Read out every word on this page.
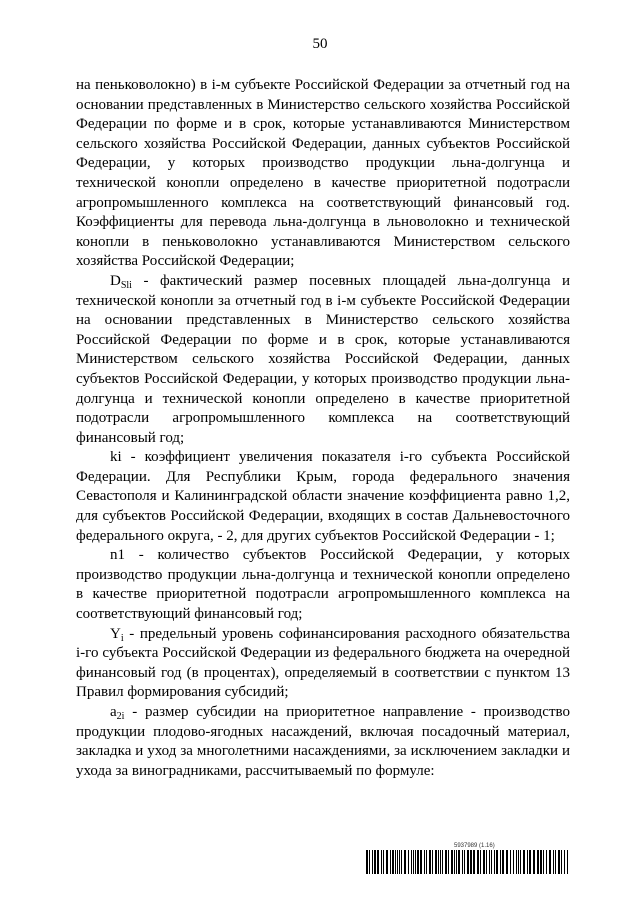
50

на пеньковолокно) в i-м субъекте Российской Федерации за отчетный год на основании представленных в Министерство сельского хозяйства Российской Федерации по форме и в срок, которые устанавливаются Министерством сельского хозяйства Российской Федерации, данных субъектов Российской Федерации, у которых производство продукции льна-долгунца и технической конопли определено в качестве приоритетной подотрасли агропромышленного комплекса на соответствующий финансовый год. Коэффициенты для перевода льна-долгунца в льноволокно и технической конопли в пеньковолокно устанавливаются Министерством сельского хозяйства Российской Федерации;

$D_{Sli}$ - фактический размер посевных площадей льна-долгунца и технической конопли за отчетный год в i-м субъекте Российской Федерации на основании представленных в Министерство сельского хозяйства Российской Федерации по форме и в срок, которые устанавливаются Министерством сельского хозяйства Российской Федерации, данных субъектов Российской Федерации, у которых производство продукции льна-долгунца и технической конопли определено в качестве приоритетной подотрасли агропромышленного комплекса на соответствующий финансовый год;

ki - коэффициент увеличения показателя i-го субъекта Российской Федерации. Для Республики Крым, города федерального значения Севастополя и Калининградской области значение коэффициента равно 1,2, для субъектов Российской Федерации, входящих в состав Дальневосточного федерального округа, - 2, для других субъектов Российской Федерации - 1;

n1 - количество субъектов Российской Федерации, у которых производство продукции льна-долгунца и технической конопли определено в качестве приоритетной подотрасли агропромышленного комплекса на соответствующий финансовый год;

$Y_i$ - предельный уровень софинансирования расходного обязательства i-го субъекта Российской Федерации из федерального бюджета на очередной финансовый год (в процентах), определяемый в соответствии с пунктом 13 Правил формирования субсидий;

$a_{2i}$ - размер субсидии на приоритетное направление - производство продукции плодово-ягодных насаждений, включая посадочный материал, закладка и уход за многолетними насаждениями, за исключением закладки и ухода за виноградниками, рассчитываемый по формуле:

5937989 (1.16)
